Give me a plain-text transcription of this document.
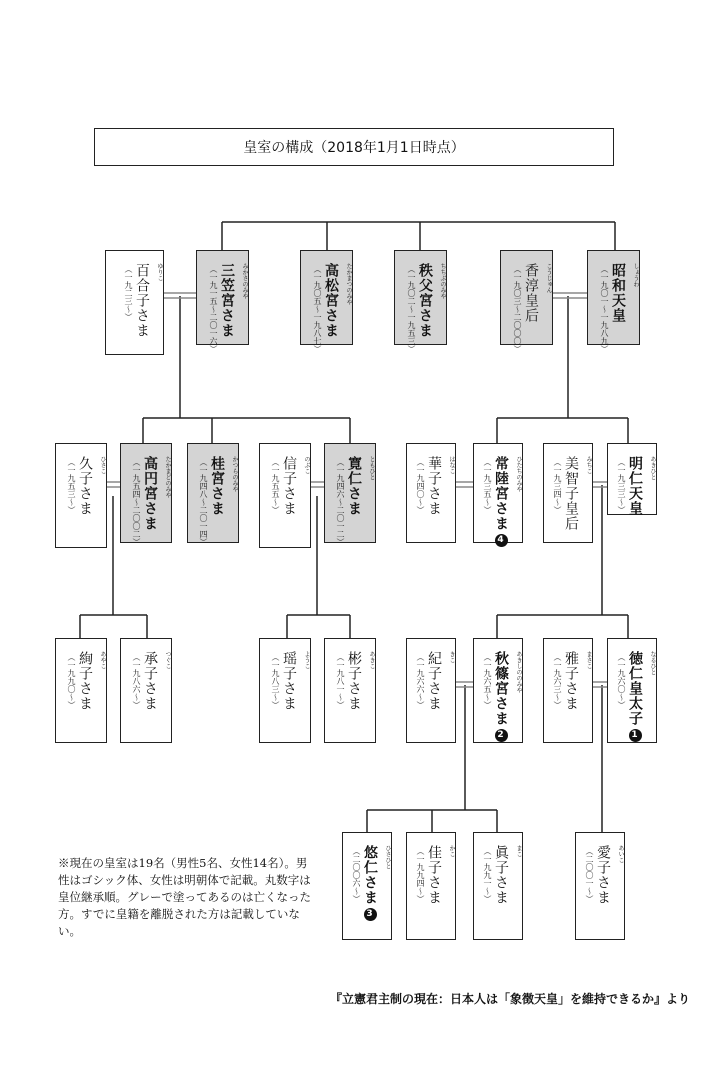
皇室の構成（2018年1月1日時点）
ゆりこ
百合子さま
（一九二三〜）	みかさのみや
三笠宮さま
（一九一五〜二〇一六）	たかまつのみや
高松宮さま
（一九〇五〜一九八七）	ちちぶのみや
秩父宮さま
（一九〇二〜一九五三）	こうじゅん
香淳皇后
（一九〇三〜二〇〇〇）	しょうわ
昭和天皇
（一九〇一〜一九八九）
ひさこ
久子さま
（一九五三〜）	たかまどのみや
高円宮さま
（一九五四〜二〇〇二）	かつらのみや
桂宮さま
（一九四八〜二〇一四）	のぶこ
信子さま
（一九五五〜）	ともひと
寛仁さま
（一九四六〜二〇一二）	はなこ
華子さま
（一九四〇〜）	ひたちのみや
常陸宮さま4
（一九三五〜）	みちこ
美智子皇后
（一九三四〜）	あきひと
明仁天皇
（一九三三〜）
あやこ
絢子さま
（一九九〇〜）	つぐこ
承子さま
（一九八六〜）	ようこ
瑶子さま
（一九八三〜）	あきこ
彬子さま
（一九八一〜）	きこ
紀子さま
（一九六六〜）	あきしののみや
秋篠宮さま2
（一九六五〜）	まさこ
雅子さま
（一九六三〜）	なるひと
徳仁皇太子1
（一九六〇〜）
ひさひと
悠仁さま3
（二〇〇六〜）	かこ
佳子さま
（一九九四〜）	まこ
眞子さま
（一九九一〜）	あいこ
愛子さま
（二〇〇一〜）
※現在の皇室は19名（男性5名、女性14名）。男性はゴシック体、女性は明朝体で記載。丸数字は皇位継承順。グレーで塗ってあるのは亡くなった方。すでに皇籍を離脱された方は記載していない。
『立憲君主制の現在：日本人は「象徴天皇」を維持できるか』より
